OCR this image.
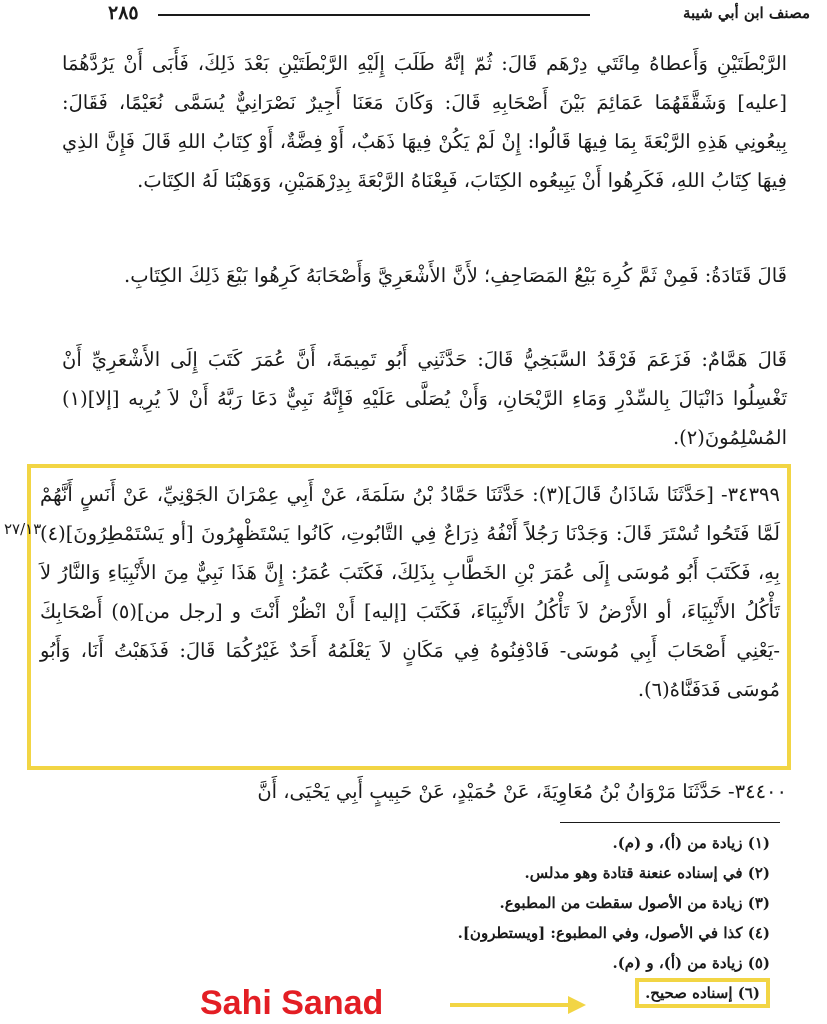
٢٨٥	مصنف ابن أبي شيبة

الرَّبْطَتَيْنِ وَأَعطاهُ مِائَتَي دِرْهَم قَالَ: ثُمّ إنَّهُ طَلَبَ إِلَيْهِ الرَّبْطَتَيْنِ بَعْدَ ذَلِكَ، فَأَبَى أَنْ يَرُدَّهُمَا [عليه] وَشَقَّقَهُمَا عَمَائِمَ بَيْنَ أَصْحَابِهِ قَالَ: وَكَانَ مَعَنَا أَجِيرٌ نَصْرَانِيٌّ يُسَمَّى نُعَيْمًا، فَقَالَ: بِيعُونِي هَذِهِ الرَّبْعَةَ بِمَا فِيهَا قَالُوا: إِنْ لَمْ يَكُنْ فِيهَا ذَهَبٌ، أَوْ فِضَّةٌ، أَوْ كِتَابُ اللهِ قَالَ فَإِنَّ الذِي فِيهَا كِتَابُ اللهِ، فَكَرِهُوا أَنْ يَبِيعُوه الكِتَابَ، فَبِعْنَاهُ الرَّبْعَةَ بِدِرْهَمَيْنِ، وَوَهَبْنَا لَهُ الكِتَابَ.

قَالَ قَتَادَةُ: فَمِنْ ثَمَّ كُرِهَ بَيْعُ المَصَاحِفِ؛ لأَنَّ الأَشْعَرِيَّ وَأَصْحَابَهُ كَرِهُوا بَيْعَ ذَلِكَ الكِتَابِ.

قَالَ هَمَّامٌ: فَزَعَمَ فَرْقَدُ السَّبَخِيُّ قَالَ: حَدَّثَنِي أَبُو تَمِيمَةَ، أَنَّ عُمَرَ كَتَبَ إِلَى الأَشْعَرِيِّ أَنْ تَغْسِلُوا دَانْيَالَ بِالسِّدْرِ وَمَاءِ الرَّيْحَانِ، وَأَنْ يُصَلَّى عَلَيْهِ فَإِنَّهُ نَبِيٌّ دَعَا رَبَّهُ أَنْ لاَ يُرِيه [إلا](١) المُسْلِمُونَ(٢).

٣٤٣٩٩- [حَدَّثَنَا شَاذَانُ قَالَ](٣): حَدَّثَنَا حَمَّادُ بْنُ سَلَمَةَ، عَنْ أَبِي عِمْرَانَ الجَوْنِيِّ، عَنْ أَنَسٍ أَنَّهُمْ لَمَّا فَتَحُوا تُسْتَرَ قَالَ: وَجَدْنَا رَجُلاً أَنْفُهُ ذِرَاعٌ فِي التَّابُوتِ، كَانُوا يَسْتَظْهِرُونَ [أو يَسْتَمْطِرُونَ](٤) بِهِ، فَكَتَبَ أَبُو مُوسَى إِلَى عُمَرَ بْنِ الخَطَّابِ بِذَلِكَ، فَكَتَبَ عُمَرُ: إِنَّ هَذَا نَبِيٌّ مِنَ الأَنْبِيَاءِ وَالنَّارُ لاَ تَأْكُلُ الأَنْبِيَاءَ، أو الأَرْضُ لاَ تَأْكُلُ الأَنْبِيَاءَ، فَكَتَبَ [إليه] أَنْ انْظُرْ أَنْتَ و [رجل من](٥) أَصْحَابِكَ -يَعْنِي أَصْحَابَ أَبِي مُوسَى- فَادْفِنُوهُ فِي مَكَانٍ لاَ يَعْلَمُهُ أَحَدٌ غَيْرُكُمَا قَالَ: فَذَهَبْتُ أَنَا، وَأَبُو مُوسَى فَدَفَنَّاهُ(٦).

٢٧/١٣

٣٤٤٠٠- حَدَّثَنَا مَرْوَانُ بْنُ مُعَاوِيَةَ، عَنْ حُمَيْدٍ، عَنْ حَبِيبٍ أَبِي يَحْيَى، أَنَّ

(١) زيادة من (أ)، و (م).
(٢) في إسناده عنعنة قتادة وهو مدلس.
(٣) زيادة من الأصول سقطت من المطبوع.
(٤) كذا في الأصول، وفي المطبوع: [ويستطرون].
(٥) زيادة من (أ)، و (م).
(٦) إسناده صحيح.
Sahi Sanad
